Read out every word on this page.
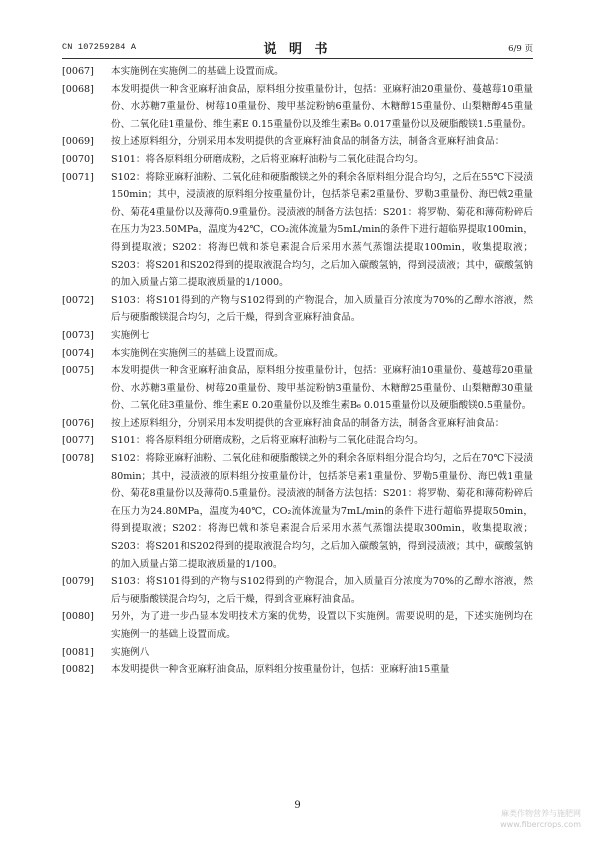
CN 107259284 A	说 明 书	6/9 页
[0067]	本实施例在实施例二的基础上设置而成。
[0068]	本发明提供一种含亚麻籽油食品，原料组分按重量份计，包括：亚麻籽油20重量份、蔓越莓10重量份、水苏糖7重量份、树莓10重量份、羧甲基淀粉钠6重量份、木糖醇15重量份、山梨糖醇45重量份、二氧化硅1重量份、维生素E 0.15重量份以及维生素B₆ 0.017重量份以及硬脂酸镁1.5重量份。
[0069]	按上述原料组分，分别采用本发明提供的含亚麻籽油食品的制备方法，制备含亚麻籽油食品：
[0070]	S101：将各原料组分研磨成粉，之后将亚麻籽油粉与二氧化硅混合均匀。
[0071]	S102：将除亚麻籽油粉、二氧化硅和硬脂酸镁之外的剩余各原料组分混合均匀，之后在55℃下浸渍150min；其中，浸渍液的原料组分按重量份计，包括茶皂素2重量份、罗勒3重量份、海巴戟2重量份、菊花4重量份以及薄荷0.9重量份。浸渍液的制备方法包括：S201：将罗勒、菊花和薄荷粉碎后在压力为23.50MPa，温度为42℃，CO₂流体流量为5mL/min的条件下进行超临界提取100min，得到提取液；S202：将海巴戟和茶皂素混合后采用水蒸气蒸馏法提取100min，收集提取液；S203：将S201和S202得到的提取液混合均匀，之后加入碳酸氢钠，得到浸渍液；其中，碳酸氢钠的加入质量占第二提取液质量的1/1000。
[0072]	S103：将S101得到的产物与S102得到的产物混合，加入质量百分浓度为70%的乙醇水溶液，然后与硬脂酸镁混合均匀，之后干燥，得到含亚麻籽油食品。
[0073]	实施例七
[0074]	本实施例在实施例三的基础上设置而成。
[0075]	本发明提供一种含亚麻籽油食品，原料组分按重量份计，包括：亚麻籽油10重量份、蔓越莓20重量份、水苏糖3重量份、树莓20重量份、羧甲基淀粉钠3重量份、木糖醇25重量份、山梨糖醇30重量份、二氧化硅3重量份、维生素E 0.20重量份以及维生素B₆ 0.015重量份以及硬脂酸镁0.5重量份。
[0076]	按上述原料组分，分别采用本发明提供的含亚麻籽油食品的制备方法，制备含亚麻籽油食品：
[0077]	S101：将各原料组分研磨成粉，之后将亚麻籽油粉与二氧化硅混合均匀。
[0078]	S102：将除亚麻籽油粉、二氧化硅和硬脂酸镁之外的剩余各原料组分混合均匀，之后在70℃下浸渍80min；其中，浸渍液的原料组分按重量份计，包括茶皂素1重量份、罗勒5重量份、海巴戟1重量份、菊花8重量份以及薄荷0.5重量份。浸渍液的制备方法包括：S201：将罗勒、菊花和薄荷粉碎后在压力为24.80MPa，温度为40℃，CO₂流体流量为7mL/min的条件下进行超临界提取50min，得到提取液；S202：将海巴戟和茶皂素混合后采用水蒸气蒸馏法提取300min，收集提取液；S203：将S201和S202得到的提取液混合均匀，之后加入碳酸氢钠，得到浸渍液；其中，碳酸氢钠的加入质量占第二提取液质量的1/100。
[0079]	S103：将S101得到的产物与S102得到的产物混合，加入质量百分浓度为70%的乙醇水溶液，然后与硬脂酸镁混合均匀，之后干燥，得到含亚麻籽油食品。
[0080]	另外，为了进一步凸显本发明技术方案的优势，设置以下实施例。需要说明的是，下述实施例均在实施例一的基础上设置而成。
[0081]	实施例八
[0082]	本发明提供一种含亚麻籽油食品，原料组分按重量份计，包括：亚麻籽油15重量
9
麻类作物营养与施肥网
www.fibercrops.com
